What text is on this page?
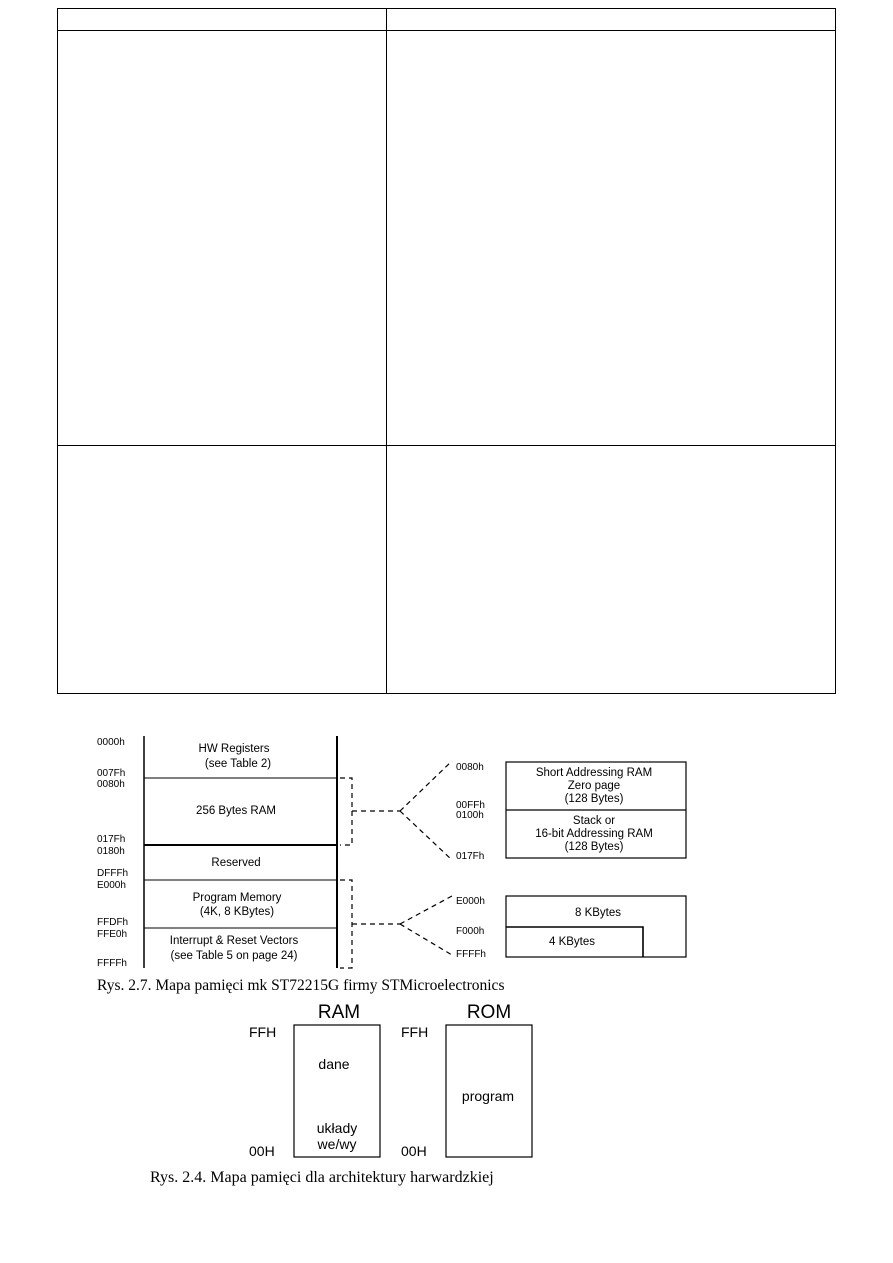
0000h
007Fh
0080h
017Fh
0180h
DFFFh
E000h
FFDFh
FFE0h
FFFFh
HW Registers
(see Table 2)
256 Bytes RAM
Reserved
Program Memory
(4K, 8 KBytes)
Interrupt & Reset Vectors
(see Table 5 on page 24)
0080h
00FFh
0100h
017Fh
Short Addressing RAM
Zero page
(128 Bytes)
Stack or
16-bit Addressing RAM
(128 Bytes)
E000h
F000h
FFFFh
8 KBytes
4 KBytes
Rys. 2.7. Mapa pamięci mk ST72215G firmy STMicroelectronics
RAM	ROM
FFH
00H
FFH
00H
dane
układy
we/wy
program
Rys. 2.4. Mapa pamięci dla architektury harwardzkiej
